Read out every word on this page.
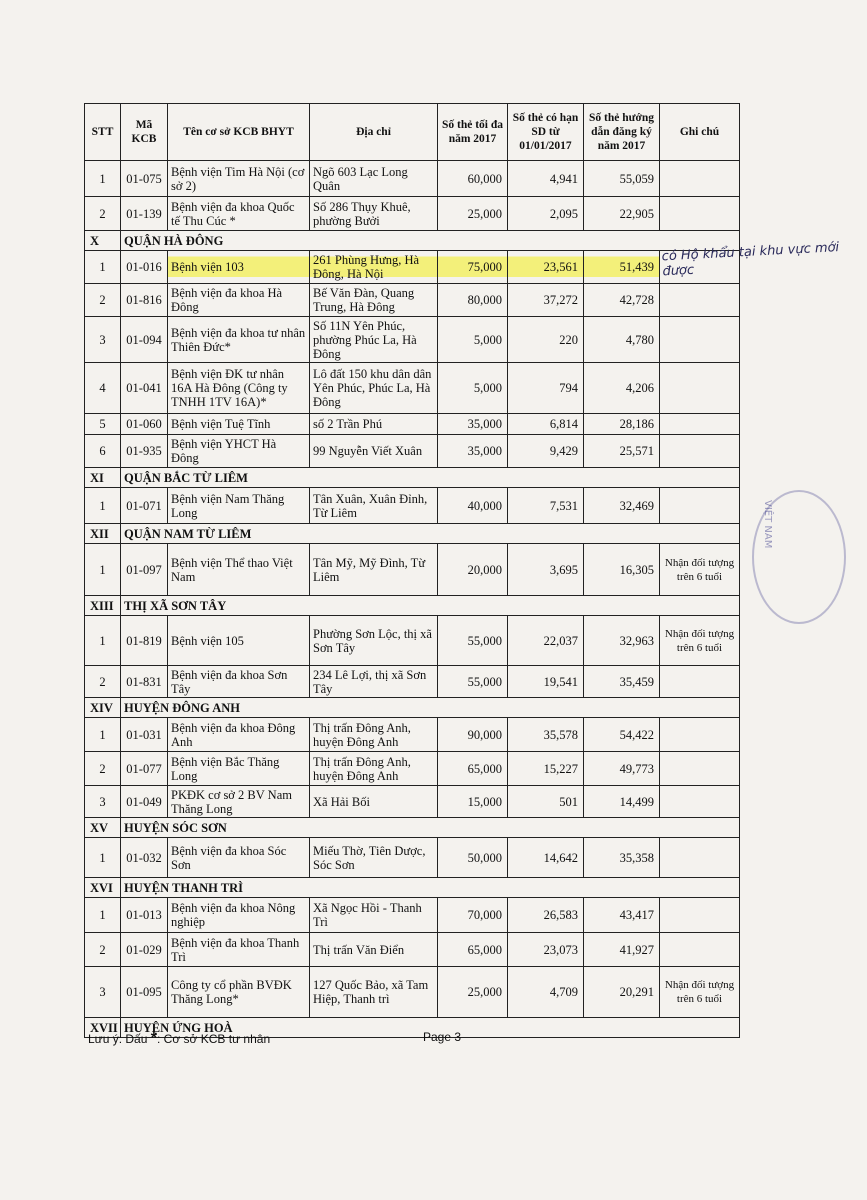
STT	Mã KCB	Tên cơ sở KCB BHYT	Địa chỉ	Số thẻ tối đa năm 2017	Số thẻ có hạn SD từ 01/01/2017	Số thẻ hướng dẫn đăng ký năm 2017	Ghi chú
1	01-075	Bệnh viện Tim Hà Nội (cơ sở 2)	Ngõ 603 Lạc Long Quân	60,000	4,941	55,059	
2	01-139	Bệnh viện đa khoa Quốc tế Thu Cúc *	Số 286 Thụy Khuê, phường Bưởi	25,000	2,095	22,905	
X	QUẬN HÀ ĐÔNG						
1	01-016	Bệnh viện 103	261 Phùng Hưng, Hà Đông, Hà Nội	75,000	23,561	51,439	
2	01-816	Bệnh viện đa khoa Hà Đông	Bế Văn Đàn, Quang Trung, Hà Đông	80,000	37,272	42,728	
3	01-094	Bệnh viện đa khoa tư nhân Thiên Đức*	Số 11N Yên Phúc, phường Phúc La, Hà Đông	5,000	220	4,780	
4	01-041	Bệnh viện ĐK tư nhân 16A Hà Đông (Công ty TNHH 1TV 16A)*	Lô đất 150 khu dân dân Yên Phúc, Phúc La, Hà Đông	5,000	794	4,206	
5	01-060	Bệnh viện Tuệ Tĩnh	số 2 Trần Phú	35,000	6,814	28,186	
6	01-935	Bệnh viện YHCT Hà Đông	99 Nguyễn Viết Xuân	35,000	9,429	25,571	
XI	QUẬN BẮC TỪ LIÊM						
1	01-071	Bệnh viện Nam Thăng Long	Tân Xuân, Xuân Đỉnh, Từ Liêm	40,000	7,531	32,469	
XII	QUẬN NAM TỪ LIÊM						
1	01-097	Bệnh viện Thể thao Việt Nam	Tân Mỹ, Mỹ Đình, Từ Liêm	20,000	3,695	16,305	Nhận đối tượng trên 6 tuổi
XIII	THỊ XÃ SƠN TÂY						
1	01-819	Bệnh viện 105	Phường Sơn Lộc, thị xã Sơn Tây	55,000	22,037	32,963	Nhận đối tượng trên 6 tuổi
2	01-831	Bệnh viện đa khoa Sơn Tây	234 Lê Lợi, thị xã Sơn Tây	55,000	19,541	35,459	
XIV	HUYỆN ĐÔNG ANH						
1	01-031	Bệnh viện đa khoa Đông Anh	Thị trấn Đông Anh, huyện Đông Anh	90,000	35,578	54,422	
2	01-077	Bệnh viện Bắc Thăng Long	Thị trấn Đông Anh, huyện Đông Anh	65,000	15,227	49,773	
3	01-049	PKĐK cơ sở 2 BV Nam Thăng Long	Xã Hải Bối	15,000	501	14,499	
XV	HUYỆN SÓC SƠN						
1	01-032	Bệnh viện đa khoa Sóc Sơn	Miếu Thờ, Tiên Dược, Sóc Sơn	50,000	14,642	35,358	
XVI	HUYỆN THANH TRÌ						
1	01-013	Bệnh viện đa khoa Nông nghiệp	Xã Ngọc Hồi - Thanh Trì	70,000	26,583	43,417	
2	01-029	Bệnh viện đa khoa Thanh Trì	Thị trấn Văn Điển	65,000	23,073	41,927	
3	01-095	Công ty cổ phần BVĐK Thăng Long*	127 Quốc Bảo, xã Tam Hiệp, Thanh trì	25,000	4,709	20,291	Nhận đối tượng trên 6 tuổi
XVII	HUYỆN ỨNG HOÀ						
có Hộ khẩu tại khu vực mới được
VIỆT NAM
Lưu ý: Dấu *: Cơ sở KCB tư nhân	Page 3
